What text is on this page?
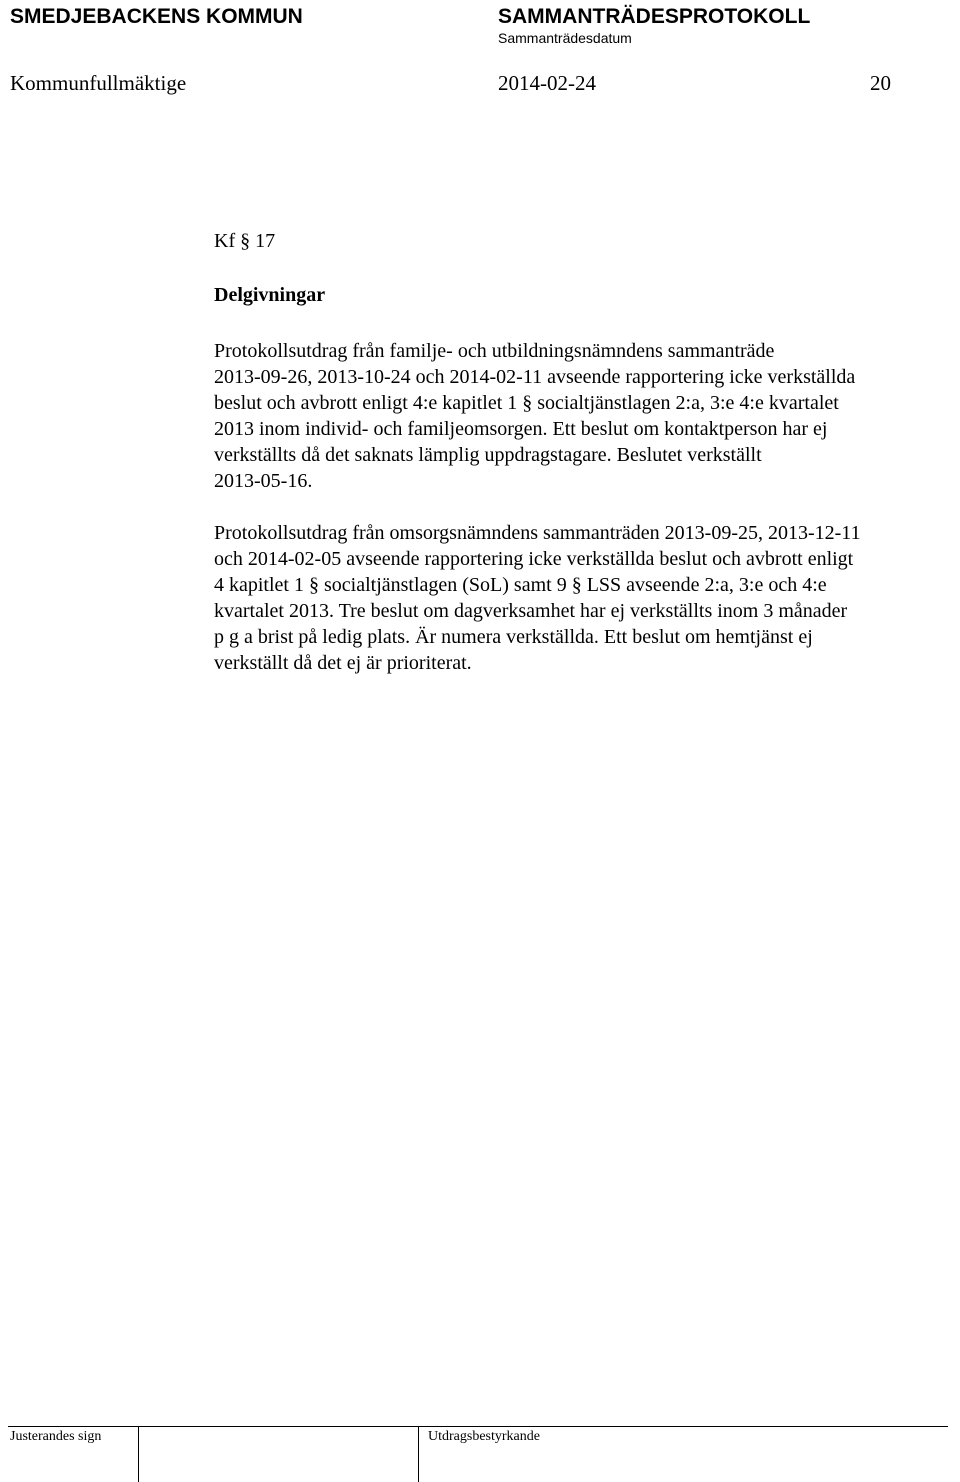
SMEDJEBACKENS KOMMUN	SAMMANTRÄDESPROTOKOLL
Sammanträdesdatum
Kommunfullmäktige	2014-02-24	20
Kf § 17
Delgivningar
Protokollsutdrag från familje- och utbildningsnämndens sammanträde
2013-09-26, 2013-10-24 och 2014-02-11 avseende rapportering icke verkställda
beslut och avbrott enligt 4:e kapitlet 1 § socialtjänstlagen 2:a, 3:e 4:e kvartalet
2013 inom individ- och familjeomsorgen. Ett beslut om kontaktperson har ej
verkställts då det saknats lämplig uppdragstagare. Beslutet verkställt
2013-05-16.
Protokollsutdrag från omsorgsnämndens sammanträden 2013-09-25, 2013-12-11
och 2014-02-05 avseende rapportering icke verkställda beslut och avbrott enligt
4 kapitlet 1 § socialtjänstlagen (SoL) samt 9 § LSS avseende 2:a, 3:e och 4:e
kvartalet 2013. Tre beslut om dagverksamhet har ej verkställts inom 3 månader
p g a brist på ledig plats. Är numera verkställda. Ett beslut om hemtjänst ej
verkställt då det ej är prioriterat.
Justerandes sign	Utdragsbestyrkande
